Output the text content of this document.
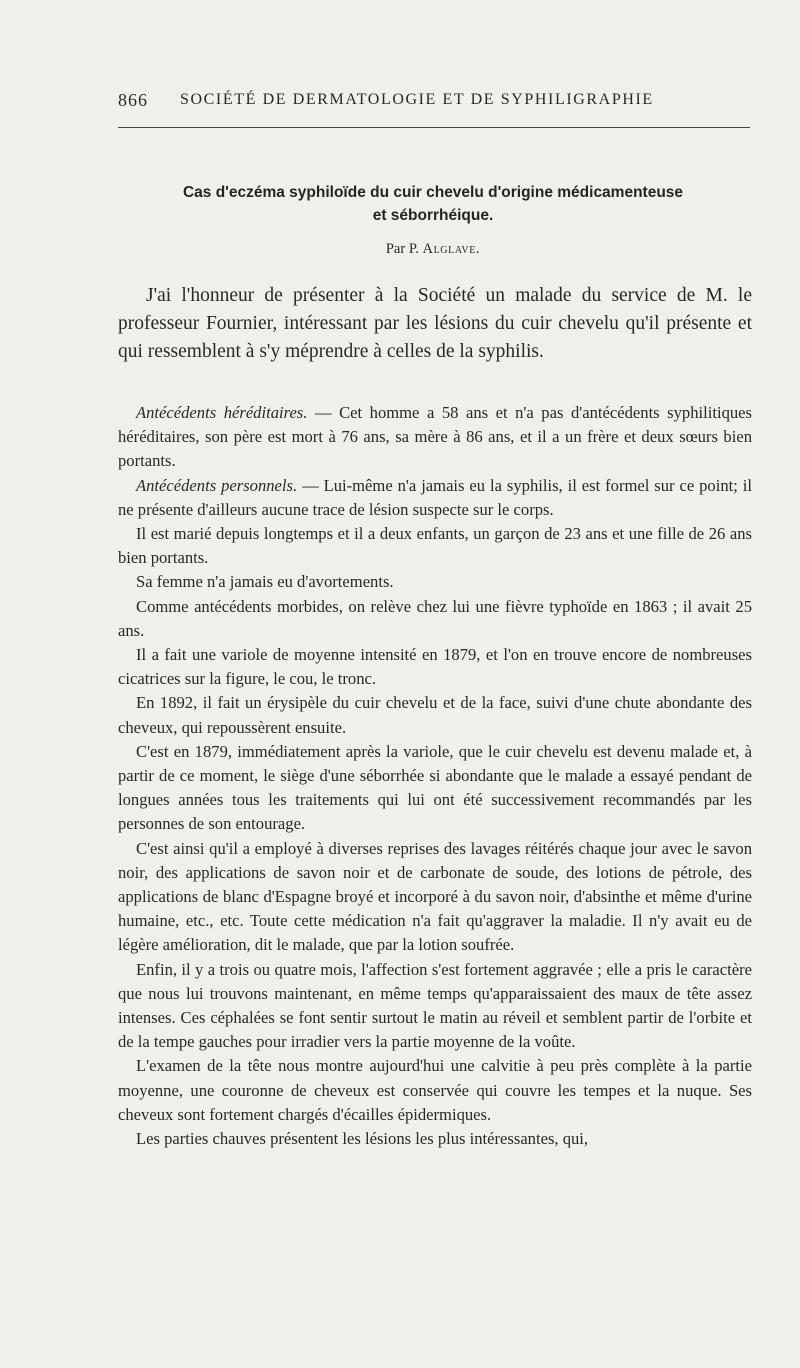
866 SOCIÉTÉ DE DERMATOLOGIE ET DE SYPHILIGRAPHIE
Cas d'eczéma syphiloïde du cuir chevelu d'origine médicamenteuse
et séborrhéique.
Par P. Alglave.

J'ai l'honneur de présenter à la Société un malade du service de M. le professeur Fournier, intéressant par les lésions du cuir chevelu qu'il présente et qui ressemblent à s'y méprendre à celles de la syphilis.

Antécédents héréditaires. — Cet homme a 58 ans et n'a pas d'antécédents syphilitiques héréditaires, son père est mort à 76 ans, sa mère à 86 ans, et il a un frère et deux sœurs bien portants.

Antécédents personnels. — Lui-même n'a jamais eu la syphilis, il est formel sur ce point; il ne présente d'ailleurs aucune trace de lésion suspecte sur le corps.

Il est marié depuis longtemps et il a deux enfants, un garçon de 23 ans et une fille de 26 ans bien portants.

Sa femme n'a jamais eu d'avortements.

Comme antécédents morbides, on relève chez lui une fièvre typhoïde en 1863 ; il avait 25 ans.

Il a fait une variole de moyenne intensité en 1879, et l'on en trouve encore de nombreuses cicatrices sur la figure, le cou, le tronc.

En 1892, il fait un érysipèle du cuir chevelu et de la face, suivi d'une chute abondante des cheveux, qui repoussèrent ensuite.

C'est en 1879, immédiatement après la variole, que le cuir chevelu est devenu malade et, à partir de ce moment, le siège d'une séborrhée si abondante que le malade a essayé pendant de longues années tous les traitements qui lui ont été successivement recommandés par les personnes de son entourage.

C'est ainsi qu'il a employé à diverses reprises des lavages réitérés chaque jour avec le savon noir, des applications de savon noir et de carbonate de soude, des lotions de pétrole, des applications de blanc d'Espagne broyé et incorporé à du savon noir, d'absinthe et même d'urine humaine, etc., etc. Toute cette médication n'a fait qu'aggraver la maladie. Il n'y avait eu de légère amélioration, dit le malade, que par la lotion soufrée.

Enfin, il y a trois ou quatre mois, l'affection s'est fortement aggravée ; elle a pris le caractère que nous lui trouvons maintenant, en même temps qu'apparaissaient des maux de tête assez intenses. Ces céphalées se font sentir surtout le matin au réveil et semblent partir de l'orbite et de la tempe gauches pour irradier vers la partie moyenne de la voûte.

L'examen de la tête nous montre aujourd'hui une calvitie à peu près complète à la partie moyenne, une couronne de cheveux est conservée qui couvre les tempes et la nuque. Ses cheveux sont fortement chargés d'écailles épidermiques.

Les parties chauves présentent les lésions les plus intéressantes, qui,
